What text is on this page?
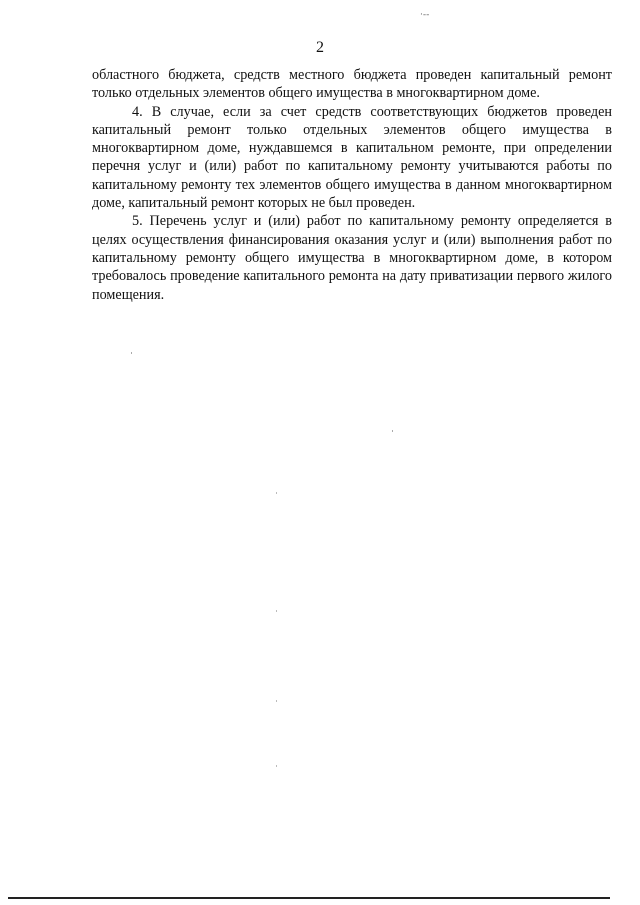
·--
2

областного бюджета, средств местного бюджета проведен капитальный ремонт только отдельных элементов общего имущества в многоквартирном доме.

4. В случае, если за счет средств соответствующих бюджетов проведен капитальный ремонт только отдельных элементов общего имущества в многоквартирном доме, нуждавшемся в капитальном ремонте, при определении перечня услуг и (или) работ по капитальному ремонту учитываются работы по капитальному ремонту тех элементов общего имущества в данном многоквартирном доме, капитальный ремонт которых не был проведен.

5. Перечень услуг и (или) работ по капитальному ремонту определяется в целях осуществления финансирования оказания услуг и (или) выполнения работ по капитальному ремонту общего имущества в многоквартирном доме, в котором требовалось проведение капитального ремонта на дату приватизации первого жилого помещения.
